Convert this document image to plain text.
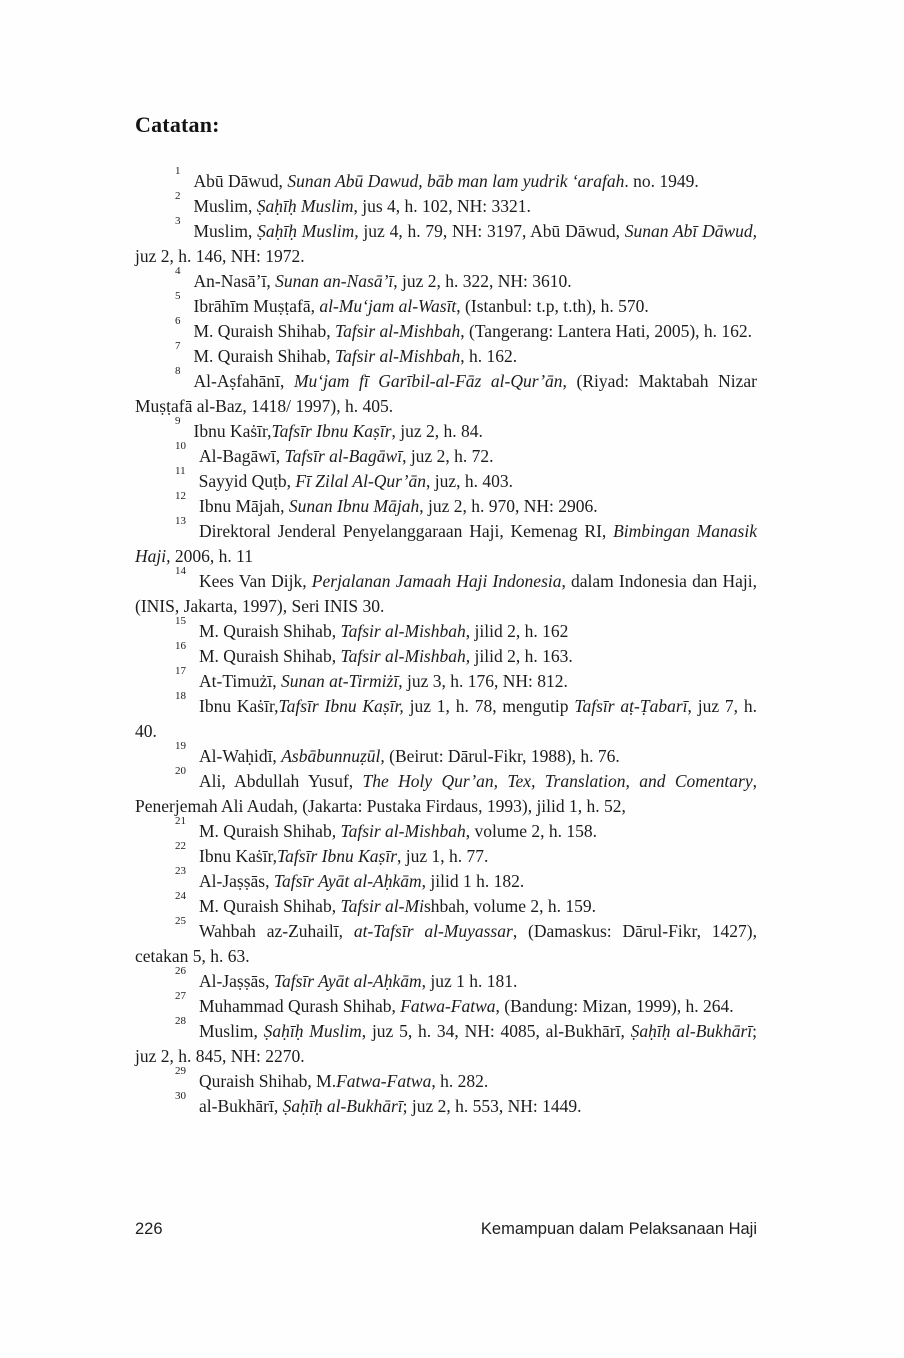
Catatan:

$^1$ Abū Dāwud, Sunan Abū Dawud, bāb man lam yudrik ‘arafah. no. 1949.

$^2$ Muslim, Ṣaḥīḥ Muslim, jus 4, h. 102, NH: 3321.

$^3$ Muslim, Ṣaḥīḥ Muslim, juz 4, h. 79, NH: 3197, Abū Dāwud, Sunan Abī Dāwud, juz 2, h. 146, NH: 1972.

$^4$ An-Nasā’ī, Sunan an-Nasā’ī, juz 2, h. 322, NH: 3610.

$^5$ Ibrāhīm Muṣṭafā, al-Mu‘jam al-Wasīt, (Istanbul: t.p, t.th), h. 570.

$^6$ M. Quraish Shihab, Tafsir al-Mishbah, (Tangerang: Lantera Hati, 2005), h. 162.

$^7$ M. Quraish Shihab, Tafsir al-Mishbah, h. 162.

$^8$ Al-Aṣfahānī, Mu‘jam fī Garībil-al-Fāz al-Qur’ān, (Riyad: Maktabah Nizar Muṣṭafā al-Baz, 1418/ 1997), h. 405.

$^9$ Ibnu Kaṡīr,Tafsīr Ibnu Kaṣīr, juz 2, h. 84.

$^{10}$ Al-Bagāwī, Tafsīr al-Bagāwī, juz 2, h. 72.

$^{11}$ Sayyid Quṭb, Fī Zilal Al-Qur’ān, juz, h. 403.

$^{12}$ Ibnu Mājah, Sunan Ibnu Mājah, juz 2, h. 970, NH: 2906.

$^{13}$ Direktoral Jenderal Penyelanggaraan Haji, Kemenag RI, Bimbingan Manasik Haji, 2006, h. 11

$^{14}$ Kees Van Dijk, Perjalanan Jamaah Haji Indonesia, dalam Indonesia dan Haji, (INIS, Jakarta, 1997), Seri INIS 30.

$^{15}$ M. Quraish Shihab, Tafsir al-Mishbah, jilid 2, h. 162

$^{16}$ M. Quraish Shihab, Tafsir al-Mishbah, jilid 2, h. 163.

$^{17}$ At-Timużī, Sunan at-Tirmiżī, juz 3, h. 176, NH: 812.

$^{18}$ Ibnu Kaṡīr,Tafsīr Ibnu Kaṣīr, juz 1, h. 78, mengutip Tafsīr aṭ-Ṭabarī, juz 7, h. 40.

$^{19}$ Al-Waḥidī, Asbābunnuẓūl, (Beirut: Dārul-Fikr, 1988), h. 76.

$^{20}$ Ali, Abdullah Yusuf, The Holy Qur’an, Tex, Translation, and Comentary, Penerjemah Ali Audah, (Jakarta: Pustaka Firdaus, 1993), jilid 1, h. 52,

$^{21}$ M. Quraish Shihab, Tafsir al-Mishbah, volume 2, h. 158.

$^{22}$ Ibnu Kaṡīr,Tafsīr Ibnu Kaṣīr, juz 1, h. 77.

$^{23}$ Al-Jaṣṣās, Tafsīr Ayāt al-Aḥkām, jilid 1 h. 182.

$^{24}$ M. Quraish Shihab, Tafsir al-Mishbah, volume 2, h. 159.

$^{25}$ Wahbah az-Zuhailī, at-Tafsīr al-Muyassar, (Damaskus: Dārul-Fikr, 1427), cetakan 5, h. 63.

$^{26}$ Al-Jaṣṣās, Tafsīr Ayāt al-Aḥkām, juz 1 h. 181.

$^{27}$ Muhammad Qurash Shihab, Fatwa-Fatwa, (Bandung: Mizan, 1999), h. 264.

$^{28}$ Muslim, Ṣaḥīḥ Muslim, juz 5, h. 34, NH: 4085, al-Bukhārī, Ṣaḥīḥ al-Bukhārī; juz 2, h. 845, NH: 2270.

$^{29}$ Quraish Shihab, M.Fatwa-Fatwa, h. 282.

$^{30}$ al-Bukhārī, Ṣaḥīḥ al-Bukhārī; juz 2, h. 553, NH: 1449.

226	Kemampuan dalam Pelaksanaan Haji
